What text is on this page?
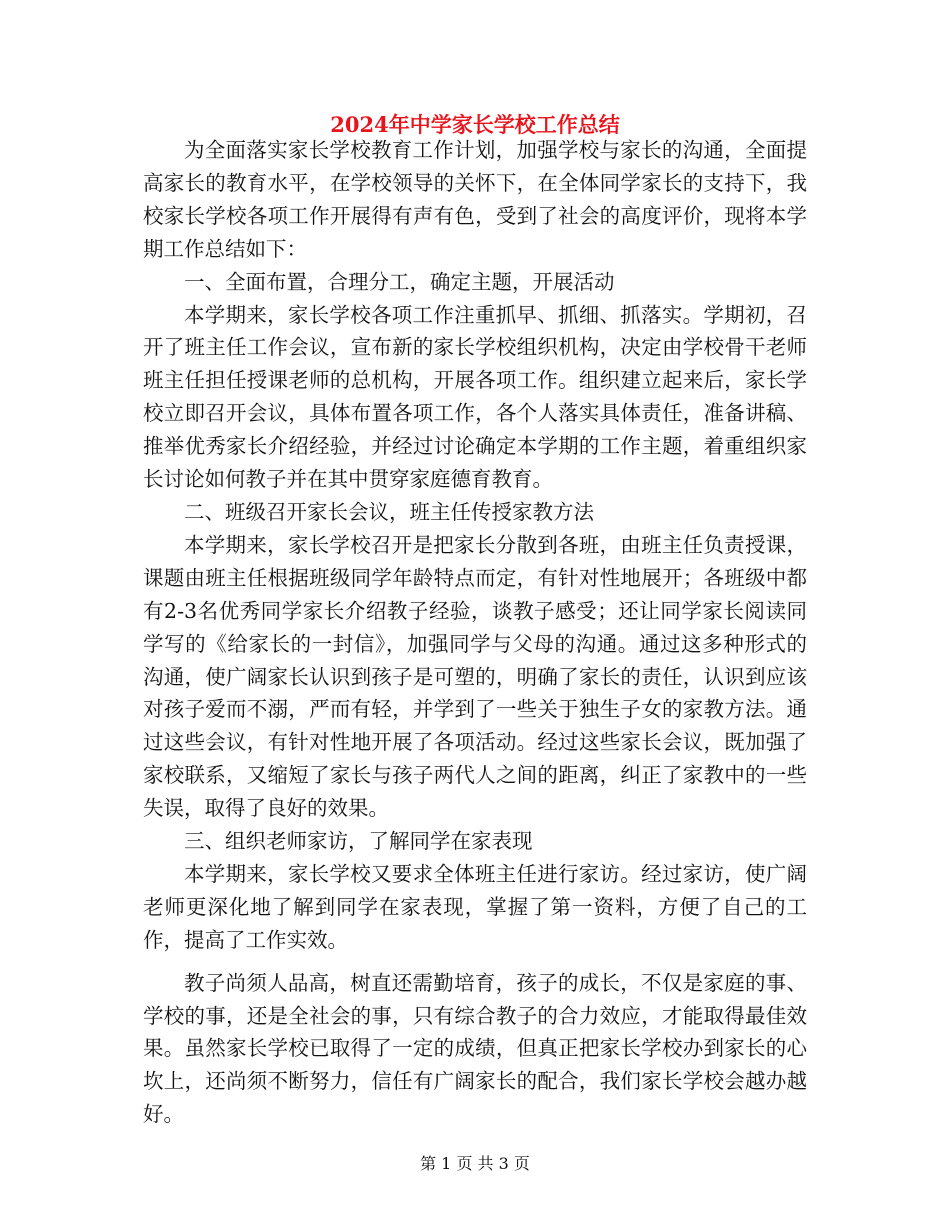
2024年中学家长学校工作总结

为全面落实家长学校教育工作计划，加强学校与家长的沟通，全面提高家长的教育水平，在学校领导的关怀下，在全体同学家长的支持下，我校家长学校各项工作开展得有声有色，受到了社会的高度评价，现将本学期工作总结如下：

一、全面布置，合理分工，确定主题，开展活动

本学期来，家长学校各项工作注重抓早、抓细、抓落实。学期初，召开了班主任工作会议，宣布新的家长学校组织机构，决定由学校骨干老师班主任担任授课老师的总机构，开展各项工作。组织建立起来后，家长学校立即召开会议，具体布置各项工作，各个人落实具体责任，准备讲稿、推举优秀家长介绍经验，并经过讨论确定本学期的工作主题，着重组织家长讨论如何教子并在其中贯穿家庭德育教育。

二、班级召开家长会议，班主任传授家教方法

本学期来，家长学校召开是把家长分散到各班，由班主任负责授课，课题由班主任根据班级同学年龄特点而定，有针对性地展开；各班级中都有2-3名优秀同学家长介绍教子经验，谈教子感受；还让同学家长阅读同学写的《给家长的一封信》，加强同学与父母的沟通。通过这多种形式的沟通，使广阔家长认识到孩子是可塑的，明确了家长的责任，认识到应该对孩子爱而不溺，严而有轻，并学到了一些关于独生子女的家教方法。通过这些会议，有针对性地开展了各项活动。经过这些家长会议，既加强了家校联系，又缩短了家长与孩子两代人之间的距离，纠正了家教中的一些失误，取得了良好的效果。

三、组织老师家访，了解同学在家表现

本学期来，家长学校又要求全体班主任进行家访。经过家访，使广阔老师更深化地了解到同学在家表现，掌握了第一资料，方便了自己的工作，提高了工作实效。

教子尚须人品高，树直还需勤培育，孩子的成长，不仅是家庭的事、学校的事，还是全社会的事，只有综合教子的合力效应，才能取得最佳效果。虽然家长学校已取得了一定的成绩，但真正把家长学校办到家长的心坎上，还尚须不断努力，信任有广阔家长的配合，我们家长学校会越办越好。

第 1 页 共 3 页
